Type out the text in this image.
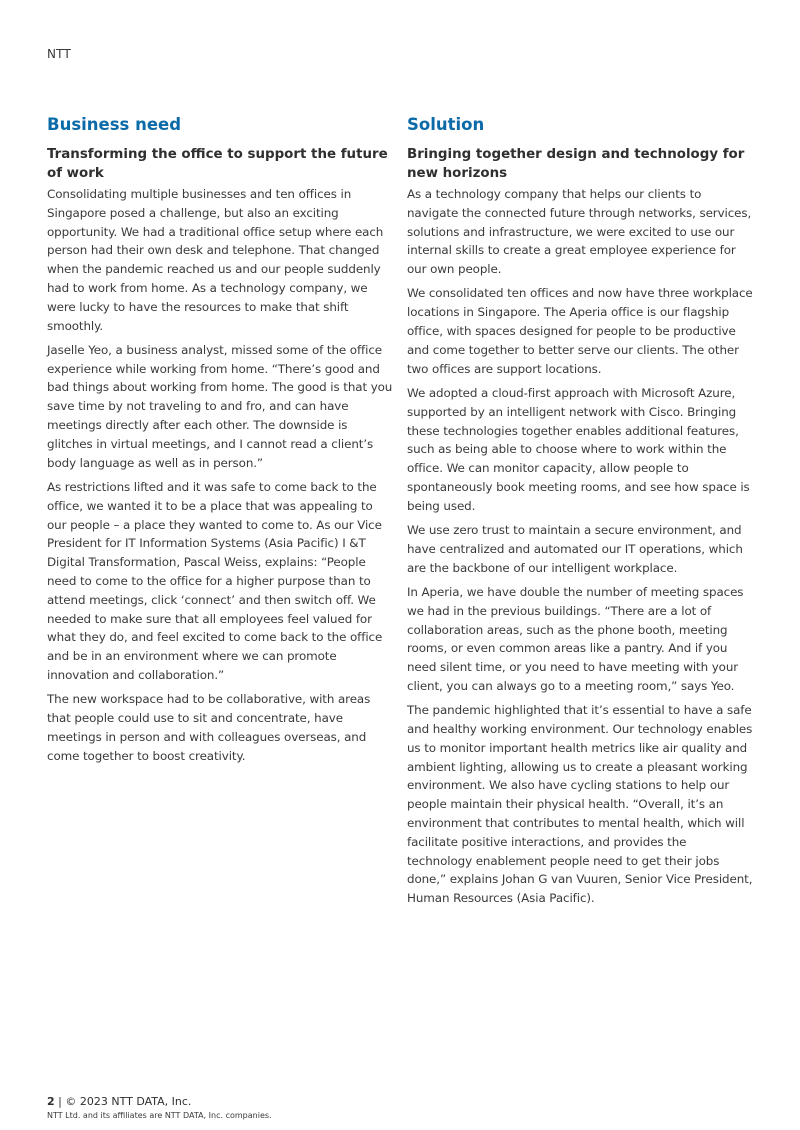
NTT
Business need
Transforming the office to support the future of work

Consolidating multiple businesses and ten offices in Singapore posed a challenge, but also an exciting opportunity. We had a traditional office setup where each person had their own desk and telephone. That changed when the pandemic reached us and our people suddenly had to work from home. As a technology company, we were lucky to have the resources to make that shift smoothly.

Jaselle Yeo, a business analyst, missed some of the office experience while working from home. “There’s good and bad things about working from home. The good is that you save time by not traveling to and fro, and can have meetings directly after each other. The downside is glitches in virtual meetings, and I cannot read a client’s body language as well as in person.”

As restrictions lifted and it was safe to come back to the office, we wanted it to be a place that was appealing to our people – a place they wanted to come to. As our Vice President for IT Information Systems (Asia Pacific) I &T Digital Transformation, Pascal Weiss, explains: “People need to come to the office for a higher purpose than to attend meetings, click ‘connect’ and then switch off. We needed to make sure that all employees feel valued for what they do, and feel excited to come back to the office and be in an environment where we can promote innovation and collaboration.”

The new workspace had to be collaborative, with areas that people could use to sit and concentrate, have meetings in person and with colleagues overseas, and come together to boost creativity.

Solution
Bringing together design and technology for new horizons

As a technology company that helps our clients to navigate the connected future through networks, services, solutions and infrastructure, we were excited to use our internal skills to create a great employee experience for our own people.

We consolidated ten offices and now have three workplace locations in Singapore. The Aperia office is our flagship office, with spaces designed for people to be productive and come together to better serve our clients. The other two offices are support locations.

We adopted a cloud-first approach with Microsoft Azure, supported by an intelligent network with Cisco. Bringing these technologies together enables additional features, such as being able to choose where to work within the office. We can monitor capacity, allow people to spontaneously book meeting rooms, and see how space is being used.

We use zero trust to maintain a secure environment, and have centralized and automated our IT operations, which are the backbone of our intelligent workplace.

In Aperia, we have double the number of meeting spaces we had in the previous buildings. “There are a lot of collaboration areas, such as the phone booth, meeting rooms, or even common areas like a pantry. And if you need silent time, or you need to have meeting with your client, you can always go to a meeting room,” says Yeo.

The pandemic highlighted that it’s essential to have a safe and healthy working environment. Our technology enables us to monitor important health metrics like air quality and ambient lighting, allowing us to create a pleasant working environment. We also have cycling stations to help our people maintain their physical health. “Overall, it’s an environment that contributes to mental health, which will facilitate positive interactions, and provides the technology enablement people need to get their jobs done,” explains Johan G van Vuuren, Senior Vice President, Human Resources (Asia Pacific).

2 | © 2023 NTT DATA, Inc.
NTT Ltd. and its affiliates are NTT DATA, Inc. companies.
